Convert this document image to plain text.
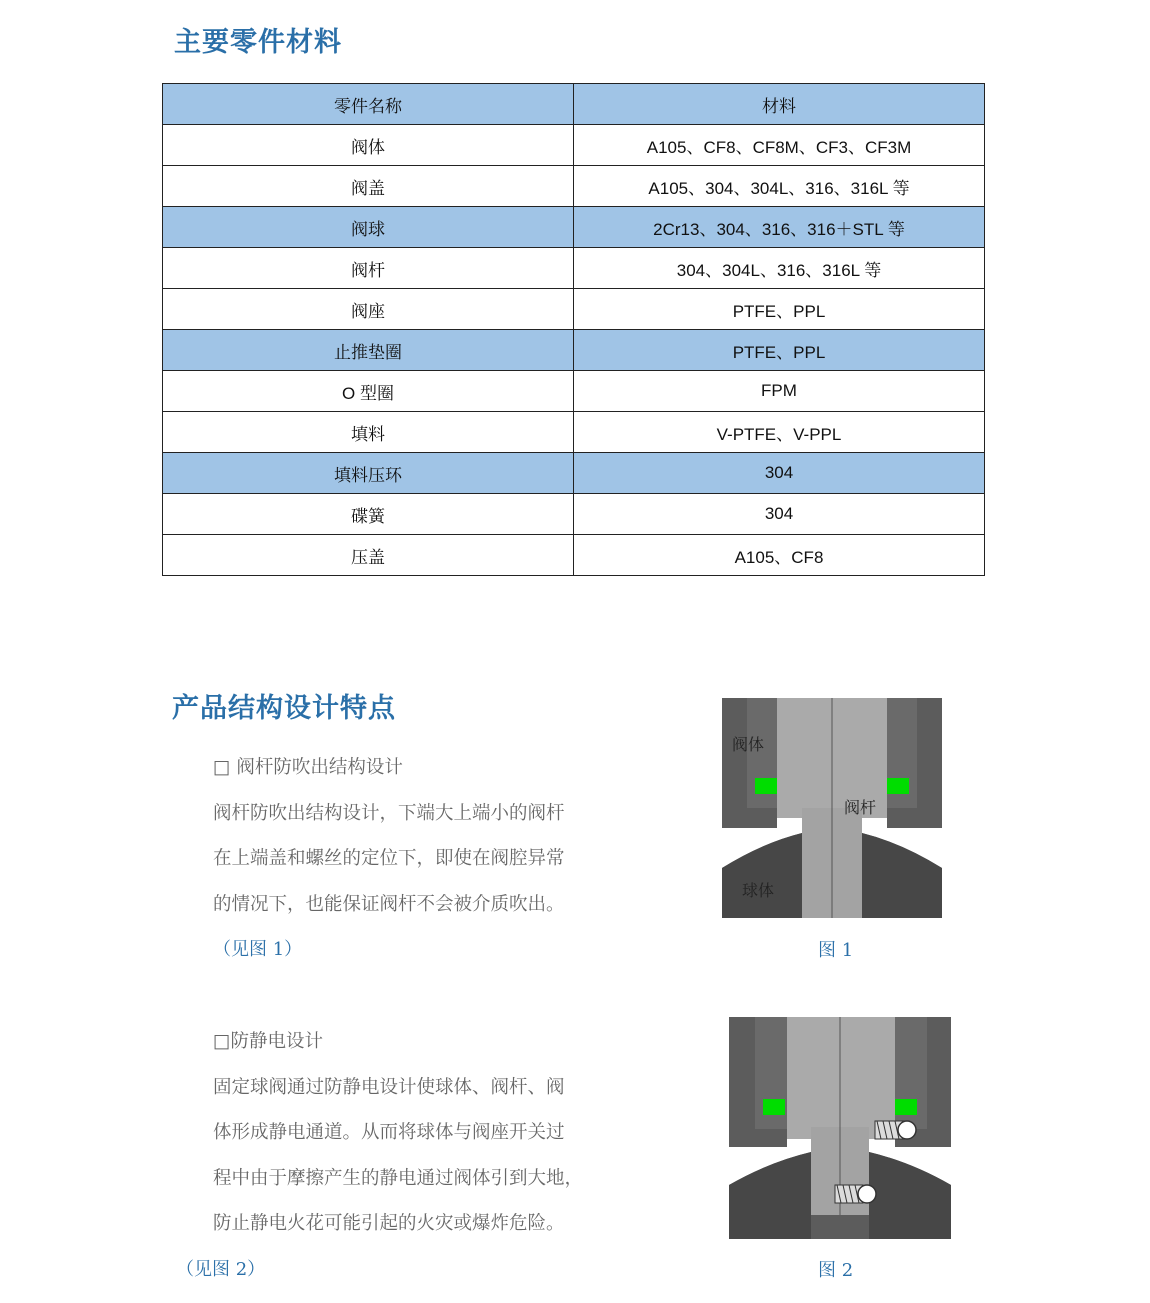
主要零件材料
零件名称	材料
阀体	A105、CF8、CF8M、CF3、CF3M
阀盖	A105、304、304L、316、316L 等
阀球	2Cr13、304、316、316＋STL 等
阀杆	304、304L、316、316L 等
阀座	PTFE、PPL
止推垫圈	PTFE、PPL
O 型圈	FPM
填料	V-PTFE、V-PPL
填料压环	304
碟簧	304
压盖	A105、CF8
产品结构设计特点

□ 阀杆防吹出结构设计

阀杆防吹出结构设计，下端大上端小的阀杆

在上端盖和螺丝的定位下，即使在阀腔异常

的情况下，也能保证阀杆不会被介质吹出。

（见图 1）

阀体
阀杆
球体

图 1

□防静电设计

固定球阀通过防静电设计使球体、阀杆、阀

体形成静电通道。从而将球体与阀座开关过

程中由于摩擦产生的静电通过阀体引到大地，

防止静电火花可能引起的火灾或爆炸危险。

（见图 2）	图 2
